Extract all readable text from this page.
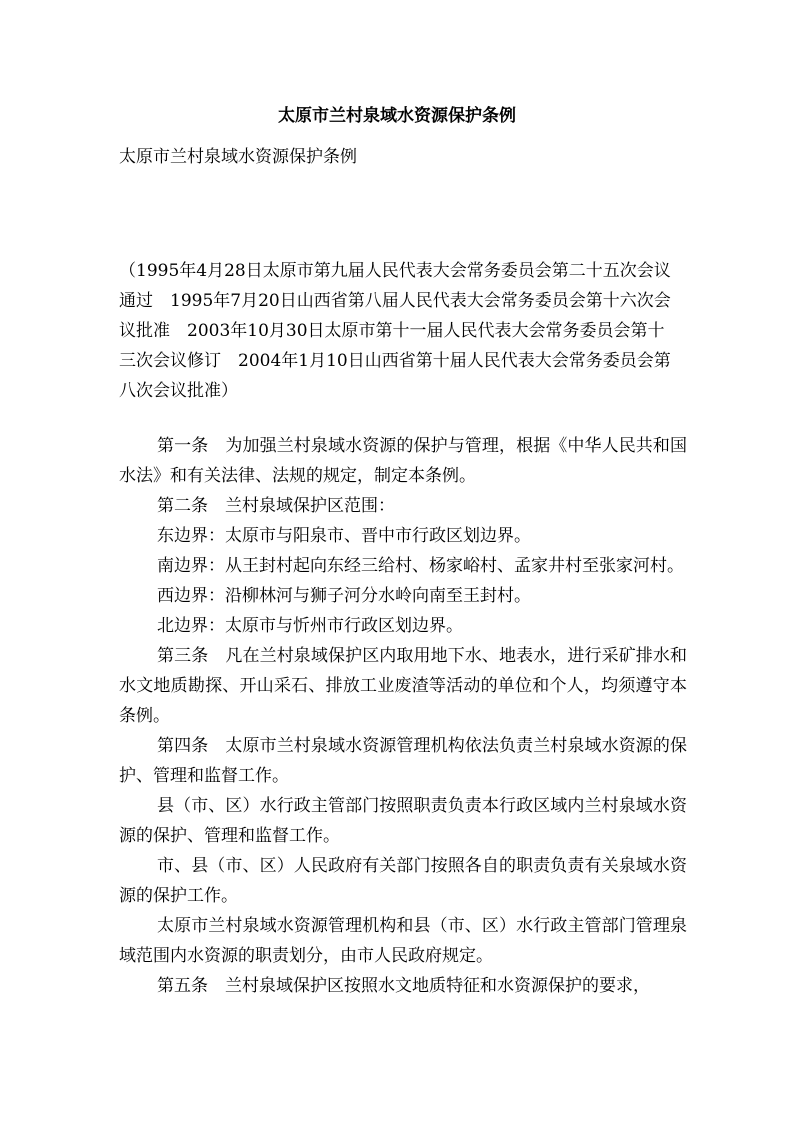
太原市兰村泉域水资源保护条例
太原市兰村泉域水资源保护条例

（1995年4月28日太原市第九届人民代表大会常务委员会第二十五次会议通过　1995年7月20日山西省第八届人民代表大会常务委员会第十六次会议批准　2003年10月30日太原市第十一届人民代表大会常务委员会第十三次会议修订　2004年1月10日山西省第十届人民代表大会常务委员会第八次会议批准）

第一条　为加强兰村泉域水资源的保护与管理，根据《中华人民共和国水法》和有关法律、法规的规定，制定本条例。

第二条　兰村泉域保护区范围：

东边界：太原市与阳泉市、晋中市行政区划边界。

南边界：从王封村起向东经三给村、杨家峪村、孟家井村至张家河村。

西边界：沿柳林河与狮子河分水岭向南至王封村。

北边界：太原市与忻州市行政区划边界。

第三条　凡在兰村泉域保护区内取用地下水、地表水，进行采矿排水和水文地质勘探、开山采石、排放工业废渣等活动的单位和个人，均须遵守本条例。

第四条　太原市兰村泉域水资源管理机构依法负责兰村泉域水资源的保护、管理和监督工作。

县（市、区）水行政主管部门按照职责负责本行政区域内兰村泉域水资源的保护、管理和监督工作。

市、县（市、区）人民政府有关部门按照各自的职责负责有关泉域水资源的保护工作。

太原市兰村泉域水资源管理机构和县（市、区）水行政主管部门管理泉域范围内水资源的职责划分，由市人民政府规定。

第五条　兰村泉域保护区按照水文地质特征和水资源保护的要求，
